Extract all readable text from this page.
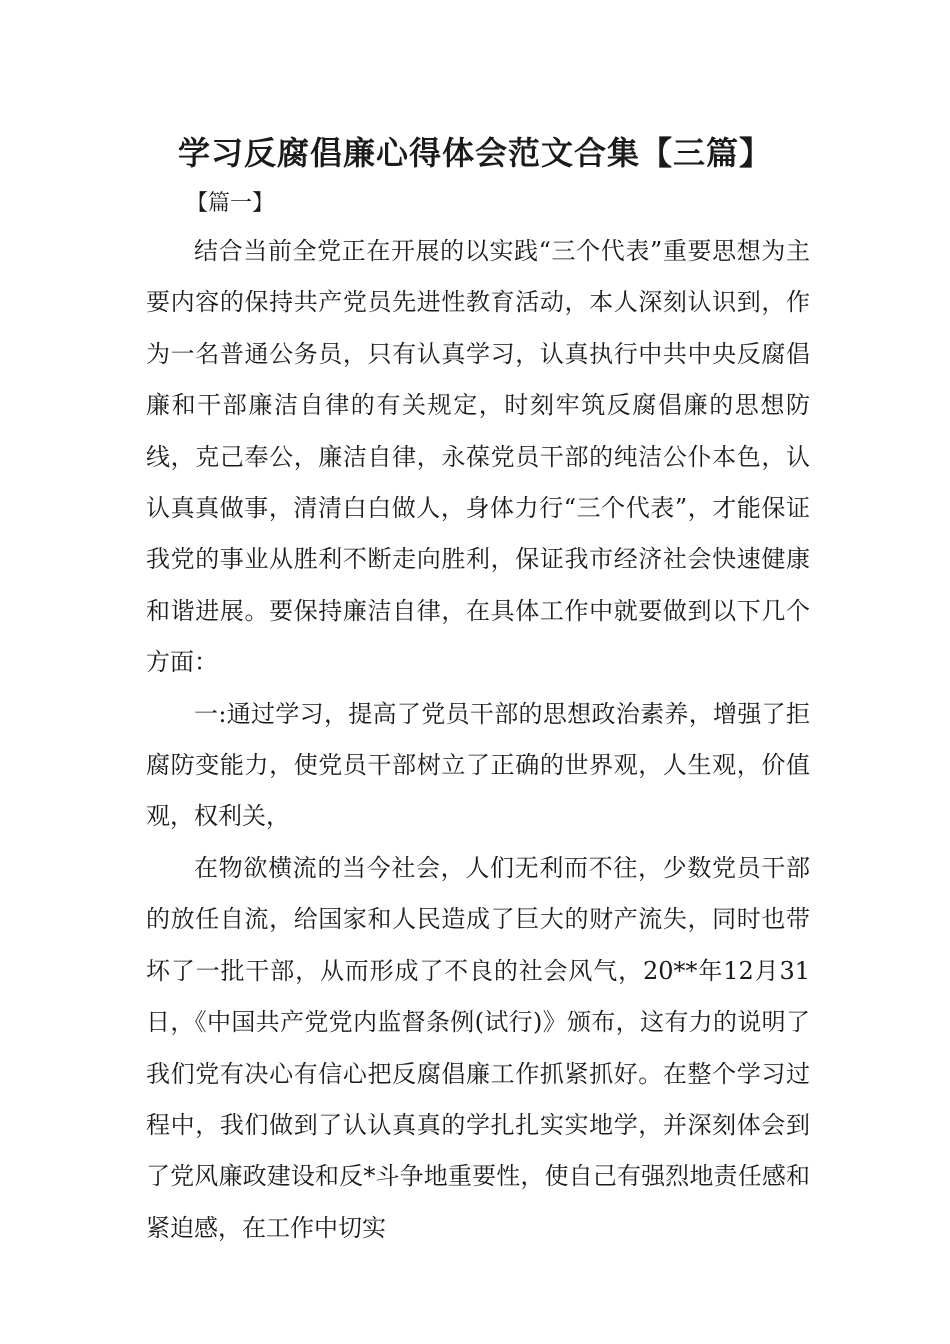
学习反腐倡廉心得体会范文合集【三篇】
【篇一】

结合当前全党正在开展的以实践“三个代表”重要思想为主要内容的保持共产党员先进性教育活动，本人深刻认识到，作为一名普通公务员，只有认真学习，认真执行中共中央反腐倡廉和干部廉洁自律的有关规定，时刻牢筑反腐倡廉的思想防线，克己奉公，廉洁自律，永葆党员干部的纯洁公仆本色，认认真真做事，清清白白做人，身体力行“三个代表”，才能保证我党的事业从胜利不断走向胜利，保证我市经济社会快速健康和谐进展。要保持廉洁自律，在具体工作中就要做到以下几个方面：

一:通过学习，提高了党员干部的思想政治素养，增强了拒腐防变能力，使党员干部树立了正确的世界观，人生观，价值观，权利关，

在物欲横流的当今社会，人们无利而不往，少数党员干部的放任自流，给国家和人民造成了巨大的财产流失，同时也带坏了一批干部，从而形成了不良的社会风气，20**年12月31日，《中国共产党党内监督条例(试行)》颁布，这有力的说明了我们党有决心有信心把反腐倡廉工作抓紧抓好。在整个学习过程中，我们做到了认认真真的学扎扎实实地学，并深刻体会到了党风廉政建设和反*斗争地重要性，使自己有强烈地责任感和紧迫感，在工作中切实
